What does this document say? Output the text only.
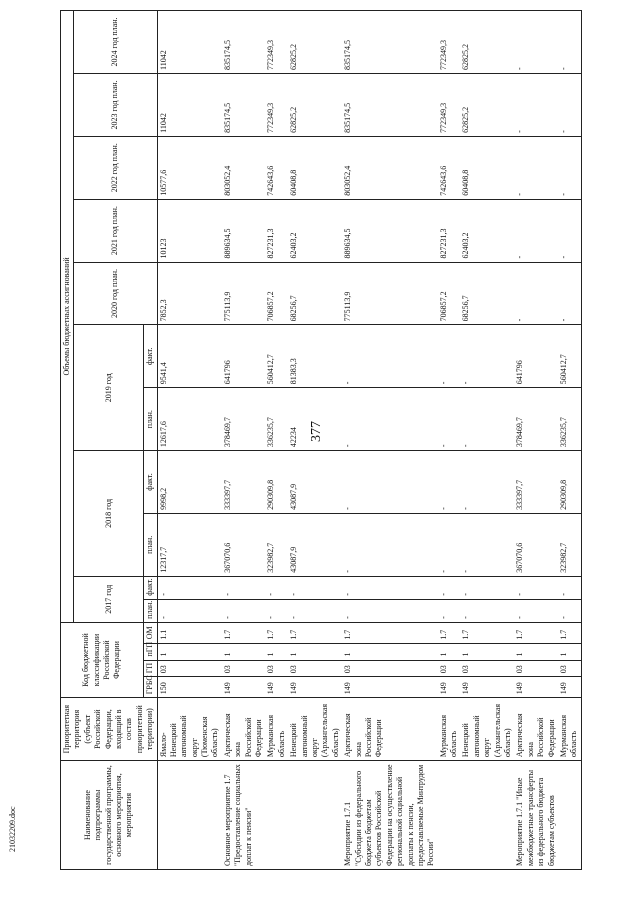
377
21032209.doc	Наименование подпрограммы государственной программы, основного мероприятия, мероприятия	Приоритетная территория (субъект Российской Федерации, входящий в состав приоритетной территории)	Код бюджетной классификации Российской Федерации				Объемы бюджетных ассигнований										
						2017 год		2018 год		2019 год		2020 год план.	2021 год план.	2022 год план.	2023 год план.	2024 год план.
		ГРБС	ГП	пГП	ОМ	план.	факт.	план.	факт.	план.	факт.					
	Ямало-Ненецкий автономный округ (Тюменская область)	150	03	1	1.1	-	-	12317,7	9998,2	12617,6	9541,4	7852,3	10123	10577,6	11042	11042
Основное мероприятие 1.7 "Предоставление социальных доплат к пенсии"	Арктическая зона Российской Федерации	149	03	1	1.7	-	-	367070,6	333397,7	378469,7	641796	775113,9	889634,5	803052,4	835174,5	835174,5
	Мурманская область	149	03	1	1.7	-	-	323982,7	290309,8	336235,7	560412,7	706857,2	827231,3	742643,6	772349,3	772349,3
	Ненецкий автономный округ (Архангельская область)	149	03	1	1.7	-	-	43087,9	43087,9	42234	81383,3	68256,7	62403,2	60408,8	62825,2	62825,2
Мероприятие 1.7.1 "Субсидии из федерального бюджета бюджетам субъектов Российской Федерации на осуществление региональной социальной доплаты к пенсии, предоставляемые Минтрудом России"	Арктическая зона Российской Федерации	149	03	1	1.7	-	-	-	-	-	-	775113,9	889634,5	803052,4	835174,5	835174,5
	Мурманская область	149	03	1	1.7	-	-	-	-	-	-	706857,2	827231,3	742643,6	772349,3	772349,3
	Ненецкий автономный округ (Архангельская область)	149	03	1	1.7	-	-	-	-	-	-	68256,7	62403,2	60408,8	62825,2	62825,2
Мероприятие 1.7.1 "Иные межбюджетные трансферты из федерального бюджета бюджетам субъектов	Арктическая зона Российской Федерации	149	03	1	1.7	-	-	367070,6	333397,7	378469,7	641796	-	-	-	-	-
	Мурманская область	149	03	1	1.7	-	-	323982,7	290309,8	336235,7	560412,7	-	-	-	-	-
